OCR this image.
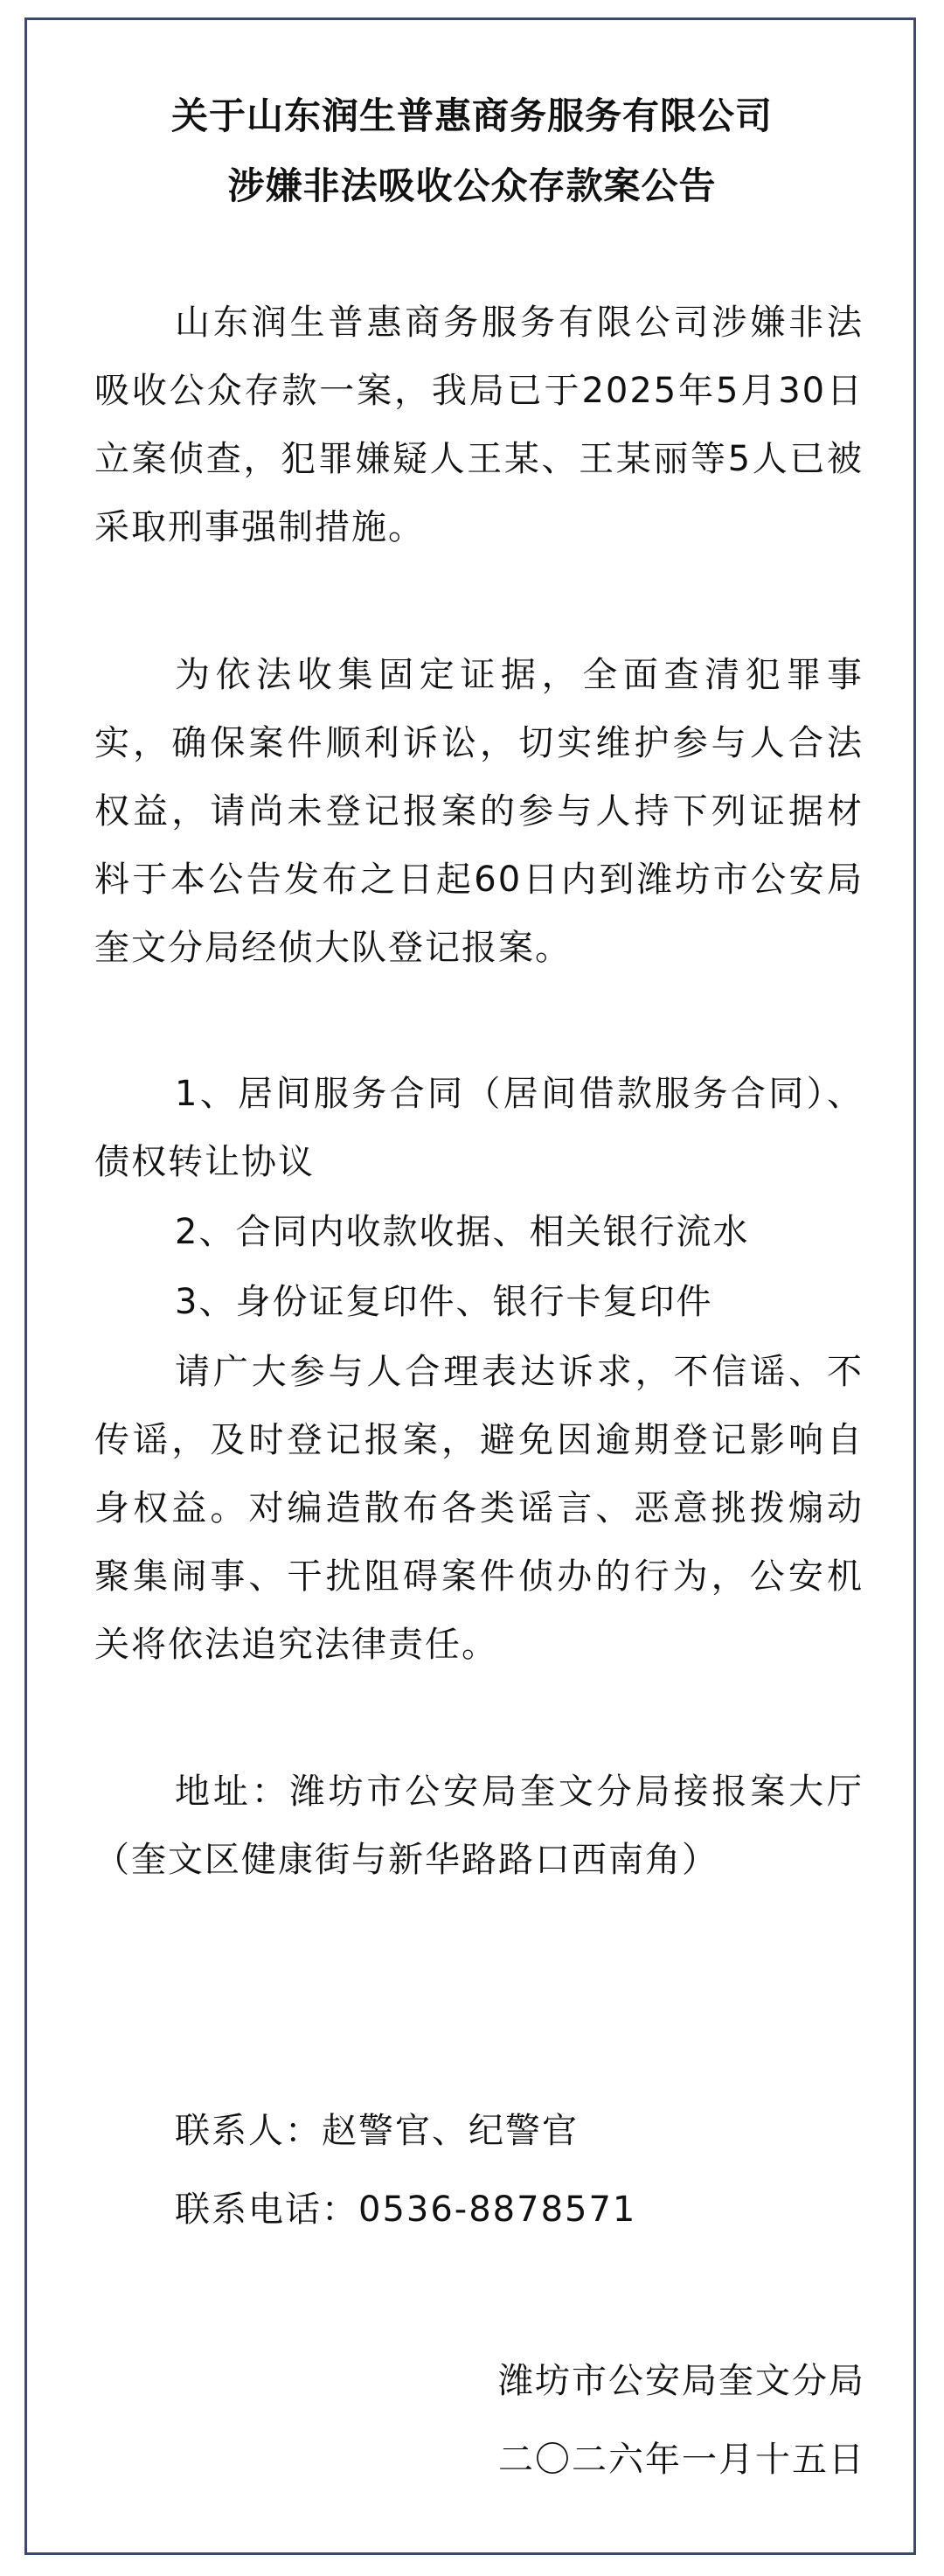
关于山东润生普惠商务服务有限公司
涉嫌非法吸收公众存款案公告
山东润生普惠商务服务有限公司涉嫌非法吸收公众存款一案，我局已于2025年5月30日立案侦查，犯罪嫌疑人王某、王某丽等5人已被采取刑事强制措施。
为依法收集固定证据，全面查清犯罪事实，确保案件顺利诉讼，切实维护参与人合法权益，请尚未登记报案的参与人持下列证据材料于本公告发布之日起60日内到潍坊市公安局奎文分局经侦大队登记报案。
1、居间服务合同（居间借款服务合同）、债权转让协议
2、合同内收款收据、相关银行流水
3、身份证复印件、银行卡复印件
请广大参与人合理表达诉求，不信谣、不传谣，及时登记报案，避免因逾期登记影响自身权益。对编造散布各类谣言、恶意挑拨煽动聚集闹事、干扰阻碍案件侦办的行为，公安机关将依法追究法律责任。
地址：潍坊市公安局奎文分局接报案大厅（奎文区健康街与新华路路口西南角）
联系人：赵警官、纪警官
联系电话：0536-8878571
潍坊市公安局奎文分局
二〇二六年一月十五日
